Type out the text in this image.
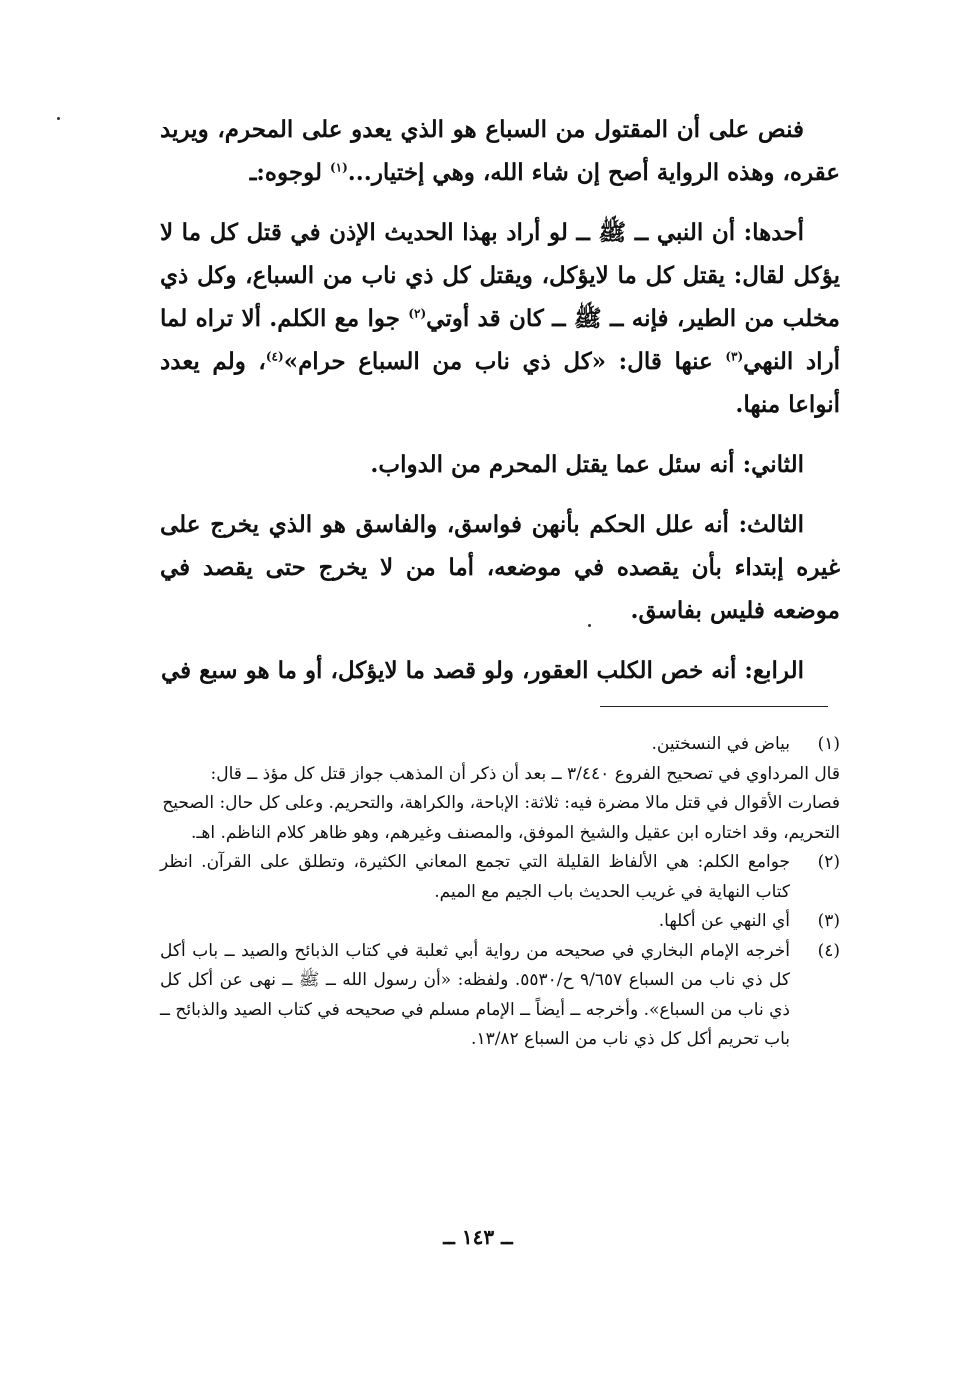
فنص على أن المقتول من السباع هو الذي يعدو على المحرم، ويريد عقره، وهذه الرواية أصح إن شاء الله، وهي إختيار...$^{(١)}$ لوجوه:ـ

أحدها: أن النبي ــ ﷺ ــ لو أراد بهذا الحديث الإذن في قتل كل ما لا يؤكل لقال: يقتل كل ما لايؤكل، ويقتل كل ذي ناب من السباع، وكل ذي مخلب من الطير، فإنه ــ ﷺ ــ كان قد أوتي$^{(٢)}$ جوا مع الكلم. ألا تراه لما أراد النهي$^{(٣)}$ عنها قال: «كل ذي ناب من السباع حرام»$^{(٤)}$، ولم يعدد أنواعا منها.

الثاني: أنه سئل عما يقتل المحرم من الدواب.

الثالث: أنه علل الحكم بأنهن فواسق، والفاسق هو الذي يخرج على غيره إبتداء بأن يقصده في موضعه، أما من لا يخرج حتى يقصد في موضعه فليس بفاسق.

الرابع: أنه خص الكلب العقور، ولو قصد ما لايؤكل، أو ما هو سبع في

(١)
بياض في النسختين.
قال المرداوي في تصحيح الفروع ٣/٤٤٠ ــ بعد أن ذكر أن المذهب جواز قتل كل مؤذ ــ قال: فصارت الأقوال في قتل مالا مضرة فيه: ثلاثة: الإباحة، والكراهة، والتحريم. وعلى كل حال: الصحيح التحريم، وقد اختاره ابن عقيل والشيخ الموفق، والمصنف وغيرهم، وهو ظاهر كلام الناظم. اهـ.
(٢)
جوامع الكلم: هي الألفاظ القليلة التي تجمع المعاني الكثيرة، وتطلق على القرآن. انظر كتاب النهاية في غريب الحديث باب الجيم مع الميم.
(٣)
أي النهي عن أكلها.
(٤)
أخرجه الإمام البخاري في صحيحه من رواية أبي ثعلبة في كتاب الذبائح والصيد ــ باب أكل كل ذي ناب من السباع ٩/٦٥٧ ح/٥٥٣٠. ولفظه: «أن رسول الله ــ ﷺ ــ نهى عن أكل كل ذي ناب من السباع». وأخرجه ــ أيضاً ــ الإمام مسلم في صحيحه في كتاب الصيد والذبائح ــ باب تحريم أكل كل ذي ناب من السباع ١٣/٨٢.
ــ ١٤٣ ــ
